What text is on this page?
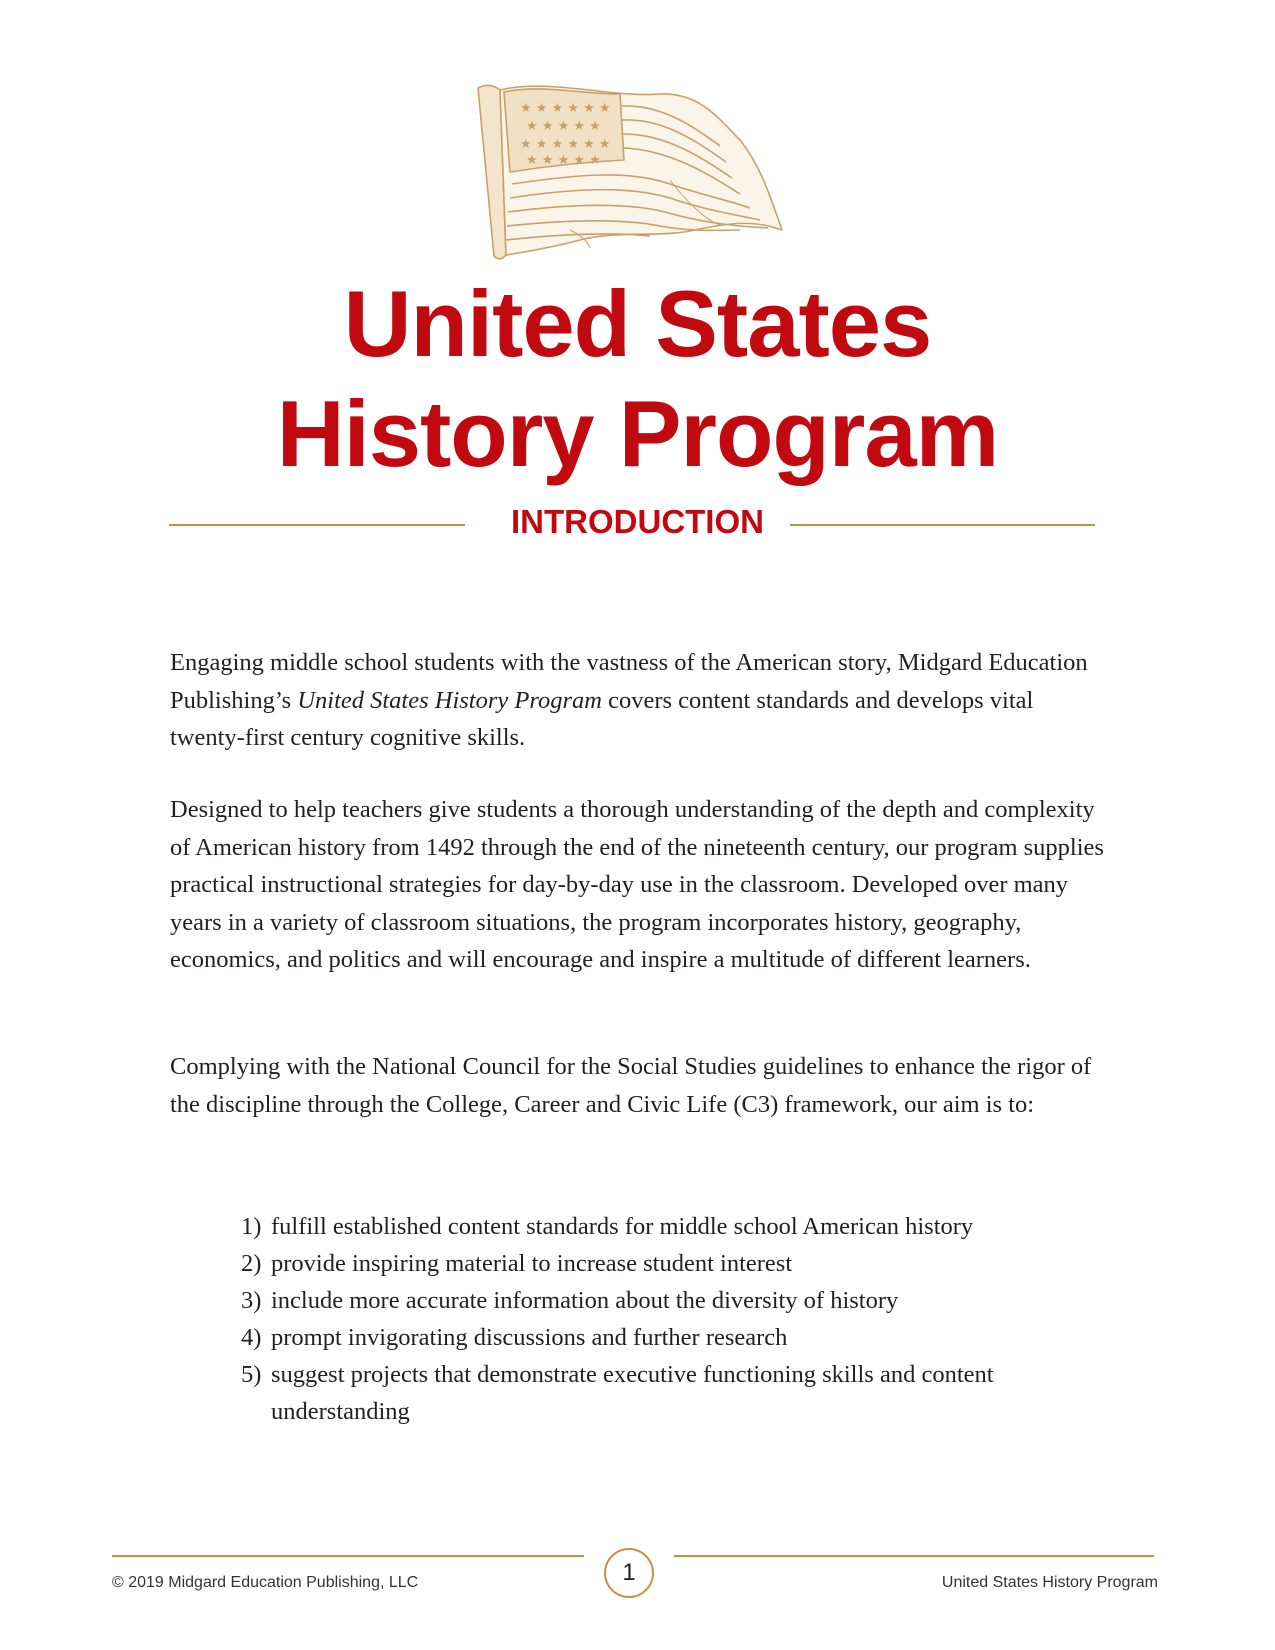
★ ★ ★ ★ ★ ★
★ ★ ★ ★ ★
★ ★ ★ ★ ★ ★
★ ★ ★ ★ ★
United States
History Program
INTRODUCTION

Engaging middle school students with the vastness of the American story, Midgard Education Publishing’s United States History Program covers content standards and develops vital twenty-first century cognitive skills.

Designed to help teachers give students a thorough understanding of the depth and complexity of American history from 1492 through the end of the nineteenth century, our program supplies practical instructional strategies for day-by-day use in the classroom. Developed over many years in a variety of classroom situations, the program incorporates history, geography, economics, and politics and will encourage and inspire a multitude of different learners.

Complying with the National Council for the Social Studies guidelines to enhance the rigor of the discipline through the College, Career and Civic Life (C3) framework, our aim is to:

1) fulfill established content standards for middle school American history
2) provide inspiring material to increase student interest
3) include more accurate information about the diversity of history
4) prompt invigorating discussions and further research
5) suggest projects that demonstrate executive functioning skills and content understanding
1
© 2019 Midgard Education Publishing, LLC	United States History Program
